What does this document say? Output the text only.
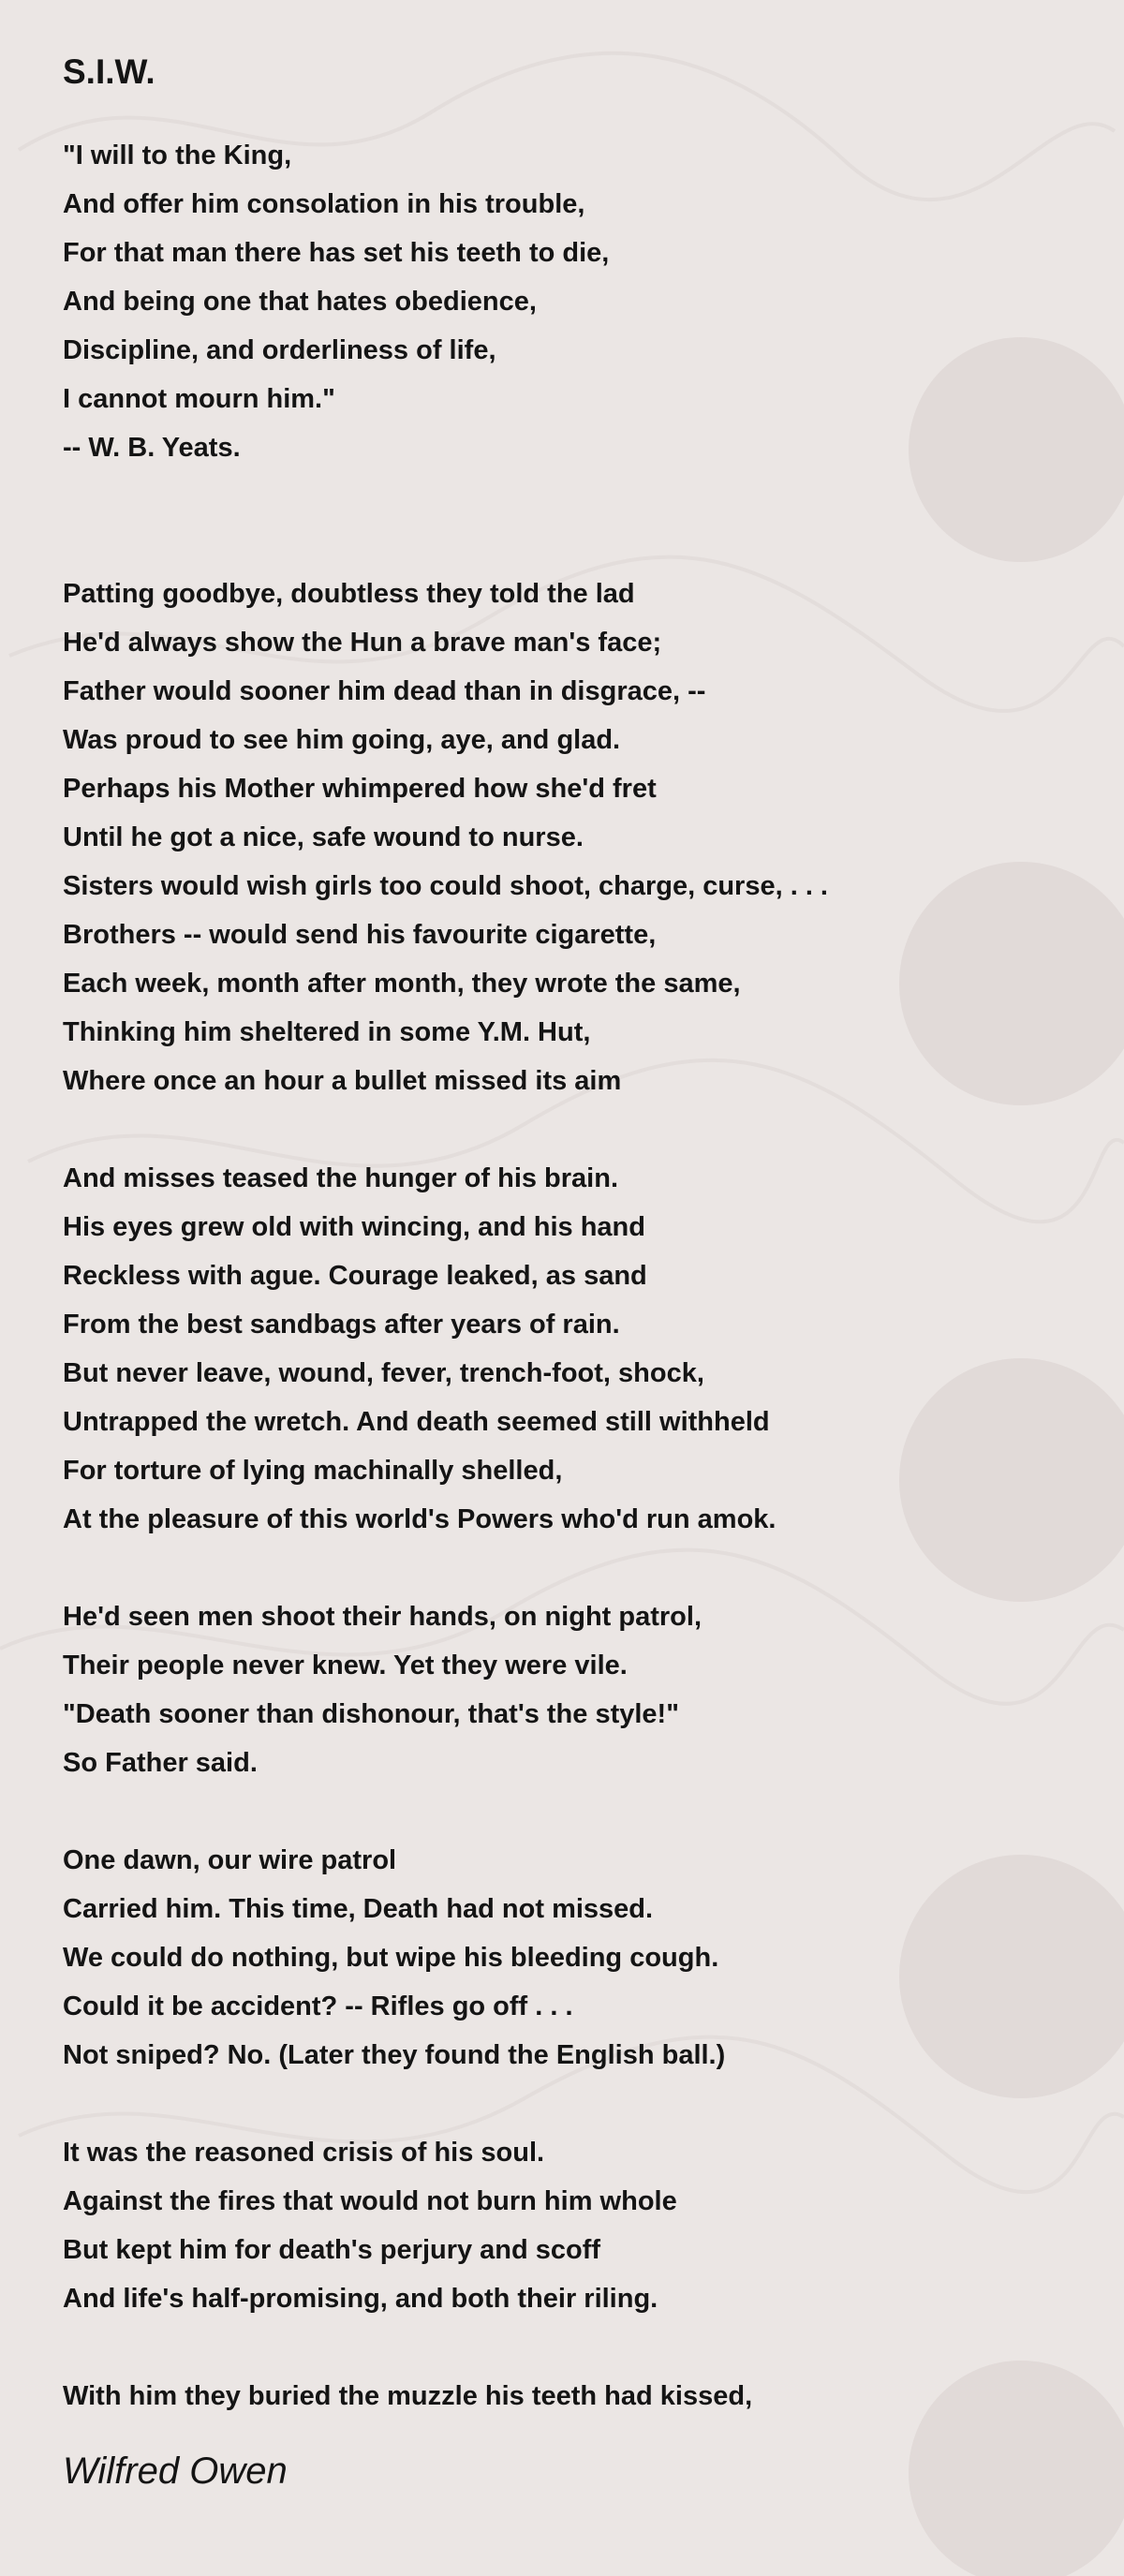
S.I.W.
"I will to the King,
And offer him consolation in his trouble,
For that man there has set his teeth to die,
And being one that hates obedience,
Discipline, and orderliness of life,
I cannot mourn him."
-- W. B. Yeats.
Patting goodbye, doubtless they told the lad
He'd always show the Hun a brave man's face;
Father would sooner him dead than in disgrace, --
Was proud to see him going, aye, and glad.
Perhaps his Mother whimpered how she'd fret
Until he got a nice, safe wound to nurse.
Sisters would wish girls too could shoot, charge, curse, . . .
Brothers -- would send his favourite cigarette,
Each week, month after month, they wrote the same,
Thinking him sheltered in some Y.M. Hut,
Where once an hour a bullet missed its aim
And misses teased the hunger of his brain.
His eyes grew old with wincing, and his hand
Reckless with ague. Courage leaked, as sand
From the best sandbags after years of rain.
But never leave, wound, fever, trench-foot, shock,
Untrapped the wretch. And death seemed still withheld
For torture of lying machinally shelled,
At the pleasure of this world's Powers who'd run amok.
He'd seen men shoot their hands, on night patrol,
Their people never knew. Yet they were vile.
"Death sooner than dishonour, that's the style!"
So Father said.
One dawn, our wire patrol
Carried him. This time, Death had not missed.
We could do nothing, but wipe his bleeding cough.
Could it be accident? -- Rifles go off . . .
Not sniped? No. (Later they found the English ball.)
It was the reasoned crisis of his soul.
Against the fires that would not burn him whole
But kept him for death's perjury and scoff
And life's half-promising, and both their riling.
With him they buried the muzzle his teeth had kissed,
Wilfred Owen
